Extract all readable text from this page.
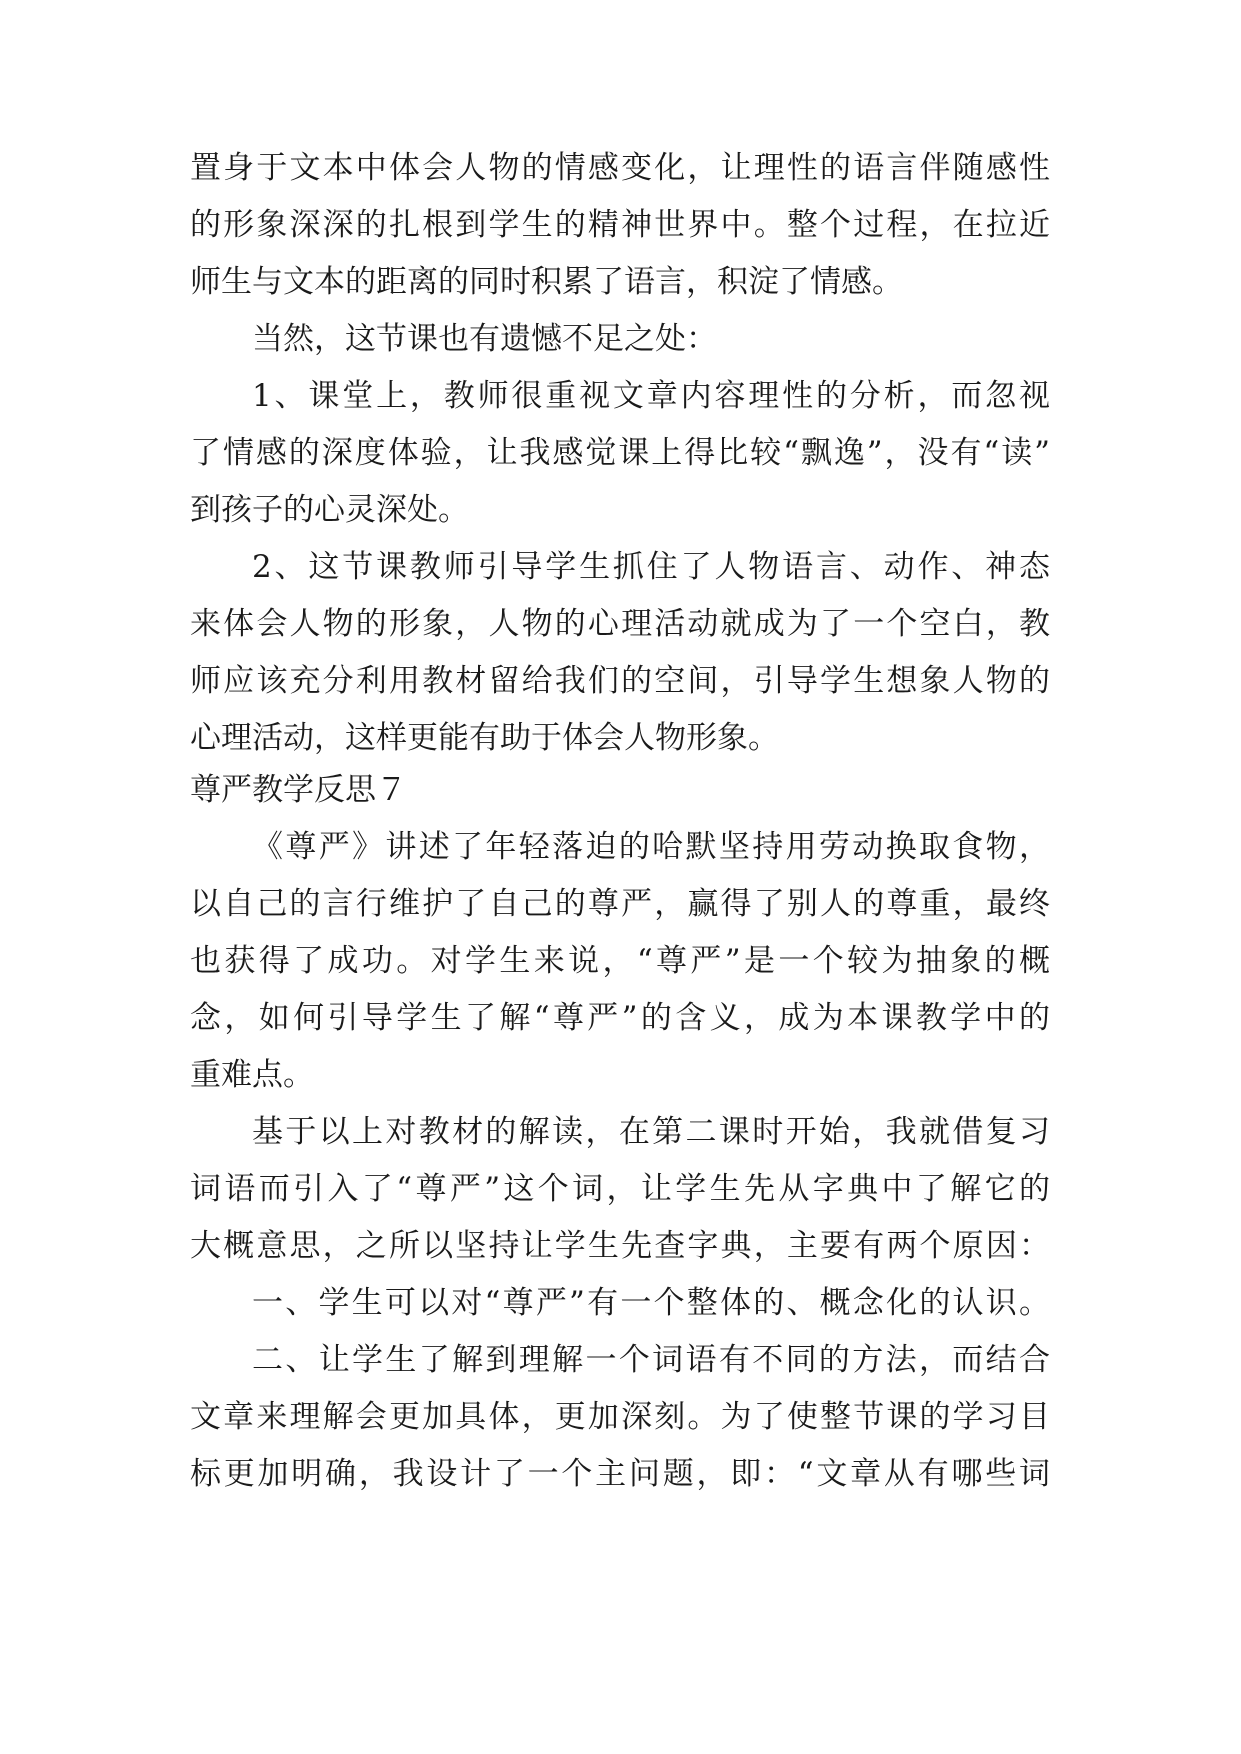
置身于文本中体会人物的情感变化，让理性的语言伴随感性
的形象深深的扎根到学生的精神世界中。整个过程，在拉近
师生与文本的距离的同时积累了语言，积淀了情感。
当然，这节课也有遗憾不足之处：
1、课堂上，教师很重视文章内容理性的分析，而忽视
了情感的深度体验，让我感觉课上得比较“飘逸”，没有“读”
到孩子的心灵深处。
2、这节课教师引导学生抓住了人物语言、动作、神态
来体会人物的形象，人物的心理活动就成为了一个空白，教
师应该充分利用教材留给我们的空间，引导学生想象人物的
心理活动，这样更能有助于体会人物形象。
尊严教学反思７
《尊严》讲述了年轻落迫的哈默坚持用劳动换取食物，
以自己的言行维护了自己的尊严，赢得了别人的尊重，最终
也获得了成功。对学生来说，“尊严”是一个较为抽象的概
念，如何引导学生了解“尊严”的含义，成为本课教学中的
重难点。
基于以上对教材的解读，在第二课时开始，我就借复习
词语而引入了“尊严”这个词，让学生先从字典中了解它的
大概意思，之所以坚持让学生先查字典，主要有两个原因：
一、学生可以对“尊严”有一个整体的、概念化的认识。
二、让学生了解到理解一个词语有不同的方法，而结合
文章来理解会更加具体，更加深刻。为了使整节课的学习目
标更加明确，我设计了一个主问题，即：“文章从有哪些词
